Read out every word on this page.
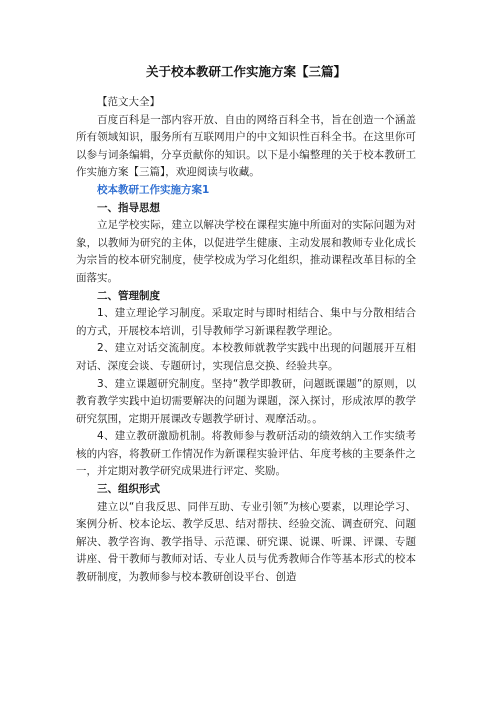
关于校本教研工作实施方案【三篇】

【范文大全】

百度百科是一部内容开放、自由的网络百科全书，旨在创造一个涵盖所有领域知识，服务所有互联网用户的中文知识性百科全书。在这里你可以参与词条编辑，分享贡献你的知识。以下是小编整理的关于校本教研工作实施方案【三篇】，欢迎阅读与收藏。

校本教研工作实施方案1

一、指导思想

立足学校实际，建立以解决学校在课程实施中所面对的实际问题为对象，以教师为研究的主体，以促进学生健康、主动发展和教师专业化成长为宗旨的校本研究制度，使学校成为学习化组织，推动课程改革目标的全面落实。

二、管理制度

1、建立理论学习制度。采取定时与即时相结合、集中与分散相结合的方式，开展校本培训，引导教师学习新课程教学理论。

2、建立对话交流制度。本校教师就教学实践中出现的问题展开互相对话、深度会谈、专题研讨，实现信息交换、经验共享。

3、建立课题研究制度。坚持“教学即教研，问题既课题”的原则，以教育教学实践中迫切需要解决的问题为课题，深入探讨，形成浓厚的教学研究氛围，定期开展课改专题教学研讨、观摩活动。。

4、建立教研激励机制。将教师参与教研活动的绩效纳入工作实绩考核的内容，将教研工作情况作为新课程实验评估、年度考核的主要条件之一，并定期对教学研究成果进行评定、奖励。

三、组织形式

建立以“自我反思、同伴互助、专业引领”为核心要素，以理论学习、案例分析、校本论坛、教学反思、结对帮扶、经验交流、调查研究、问题解决、教学咨询、教学指导、示范课、研究课、说课、听课、评课、专题讲座、骨干教师与教师对话、专业人员与优秀教师合作等基本形式的校本教研制度，为教师参与校本教研创设平台、创造
